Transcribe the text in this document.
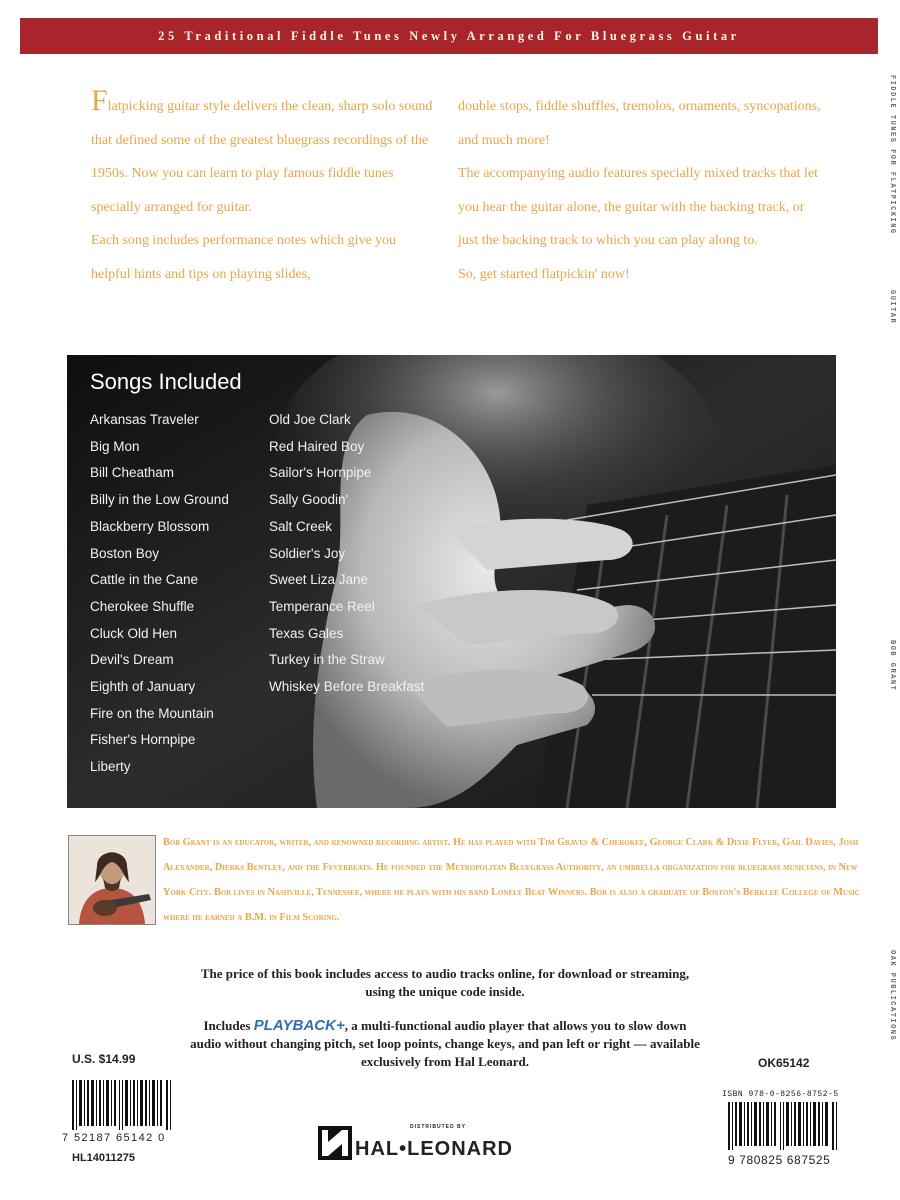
25 Traditional Fiddle Tunes Newly Arranged For Bluegrass Guitar

Flatpicking guitar style delivers the clean, sharp solo sound that defined some of the greatest bluegrass recordings of the 1950s. Now you can learn to play famous fiddle tunes specially arranged for guitar.

Each song includes performance notes which give you helpful hints and tips on playing slides,

double stops, fiddle shuffles, tremolos, ornaments, syncopations, and much more!

The accompanying audio features specially mixed tracks that let you hear the guitar alone, the guitar with the backing track, or just the backing track to which you can play along to.

So, get started flatpickin' now!

FIDDLE TUNES FOR FLATPICKING
GUITAR
BOB GRANT
OAK PUBLICATIONS
Songs Included
Arkansas Traveler
Big Mon
Bill Cheatham
Billy in the Low Ground
Blackberry Blossom
Boston Boy
Cattle in the Cane
Cherokee Shuffle
Cluck Old Hen
Devil's Dream
Eighth of January
Fire on the Mountain
Fisher's Hornpipe
Liberty
Old Joe Clark
Red Haired Boy
Sailor's Hornpipe
Sally Goodin'
Salt Creek
Soldier's Joy
Sweet Liza Jane
Temperance Reel
Texas Gales
Turkey in the Straw
Whiskey Before Breakfast

Bob Grant is an educator, writer, and renowned recording artist. He has played with Tim Graves & Cherokee, George Clark & Dixie Flyer, Gail Davies, Josh Alexander, Dierks Bentley, and the Feverbeats. He founded the Metropolitan Bluegrass Authority, an umbrella organization for bluegrass musicians, in New York City. Bob lives in Nashville, Tennessee, where he plays with his band Lonely Beat Winners. Bob is also a graduate of Boston's Berklee College of Music where he earned a B.M. in Film Scoring.

The price of this book includes access to audio tracks online, for download or streaming, using the unique code inside.

Includes PLAYBACK+, a multi-functional audio player that allows you to slow down audio without changing pitch, set loop points, change keys, and pan left or right — available exclusively from Hal Leonard.

U.S. $14.99	OK65142
ISBN 978-0-8256-8752-5
7 52187 65142 0
HL14011275	9 780825 687525
DISTRIBUTED BY
HAL•LEONARD
